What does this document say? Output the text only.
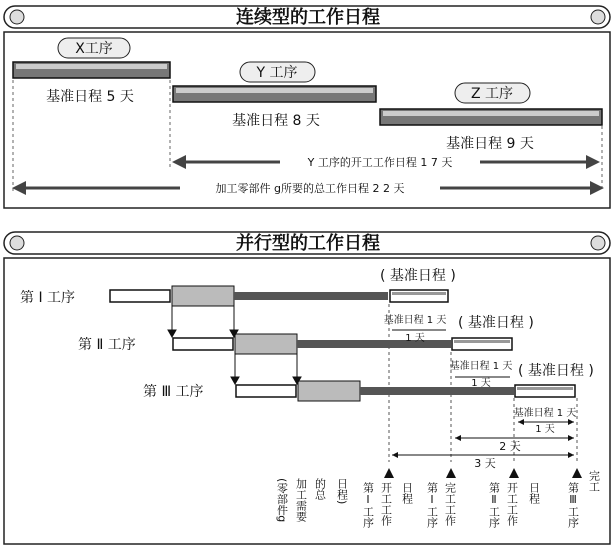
连续型的工作日程
X工序
基准日程 5 天
Y 工序
基准日程 8 天
Z 工序
基准日程 9 天
Y 工序的开工工作日程 1 7 天
加工零部件 g所要的总工作日程 2 2 天
并行型的工作日程
第 Ⅰ 工序
( 基准日程 )
第 Ⅱ 工序
( 基准日程 )
第 Ⅲ 工序
( 基准日程 )
基准日程 1 天
1 天
基准日程 1 天
1 天
基准日程 1 天
1 天
2 天
3 天
(零部件g 加工需要 的总 日程) 第Ⅰ工序 开工工作 日程 第Ⅰ工序 完工工作	第Ⅱ工序 开工工作 日程 第Ⅲ工序
完工
